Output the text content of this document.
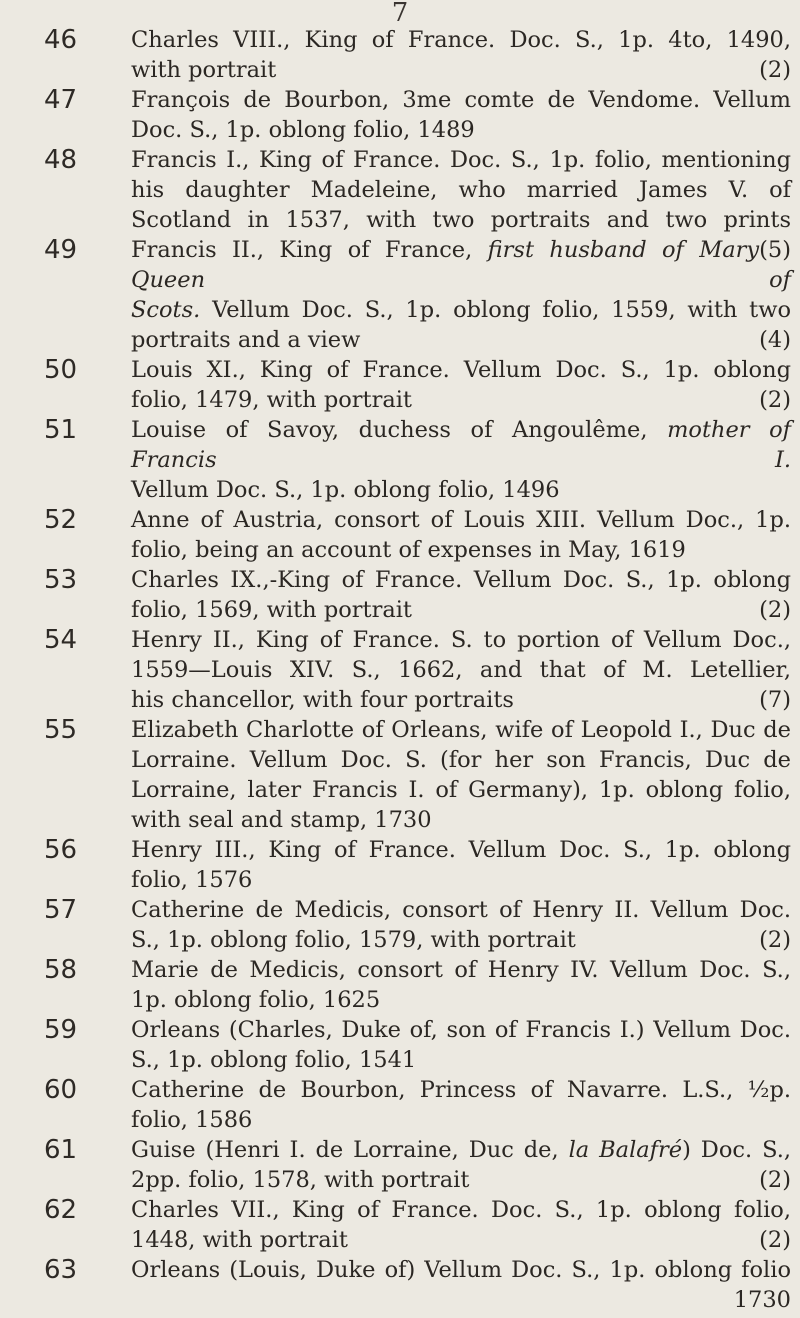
7
46	Charles VIII., King of France. Doc. S., 1p. 4to, 1490,
with portrait	(2)
47	François de Bourbon, 3me comte de Vendome. Vellum
Doc. S., 1p. oblong folio, 1489
48	Francis I., King of France. Doc. S., 1p. folio, mentioning
his daughter Madeleine, who married James V. of
Scotland in 1537, with two portraits and two prints
(5)
49	Francis II., King of France, first husband of Mary Queen of
Scots. Vellum Doc. S., 1p. oblong folio, 1559, with two
portraits and a view	(4)
50	Louis XI., King of France. Vellum Doc. S., 1p. oblong
folio, 1479, with portrait	(2)
51	Louise of Savoy, duchess of Angoulême, mother of Francis I.
Vellum Doc. S., 1p. oblong folio, 1496
52	Anne of Austria, consort of Louis XIII. Vellum Doc., 1p.
folio, being an account of expenses in May, 1619
53	Charles IX.,-King of France. Vellum Doc. S., 1p. oblong
folio, 1569, with portrait	(2)
54	Henry II., King of France. S. to portion of Vellum Doc.,
1559—Louis XIV. S., 1662, and that of M. Letellier,
his chancellor, with four portraits	(7)
55	Elizabeth Charlotte of Orleans, wife of Leopold I., Duc de
Lorraine. Vellum Doc. S. (for her son Francis, Duc de
Lorraine, later Francis I. of Germany), 1p. oblong folio,
with seal and stamp, 1730
56	Henry III., King of France. Vellum Doc. S., 1p. oblong
folio, 1576
57	Catherine de Medicis, consort of Henry II. Vellum Doc.
S., 1p. oblong folio, 1579, with portrait	(2)
58	Marie de Medicis, consort of Henry IV. Vellum Doc. S.,
1p. oblong folio, 1625
59	Orleans (Charles, Duke of, son of Francis I.) Vellum Doc.
S., 1p. oblong folio, 1541
60	Catherine de Bourbon, Princess of Navarre. L.S., ½p.
folio, 1586
61	Guise (Henri I. de Lorraine, Duc de, la Balafré) Doc. S.,
2pp. folio, 1578, with portrait	(2)
62	Charles VII., King of France. Doc. S., 1p. oblong folio,
1448, with portrait	(2)
63	Orleans (Louis, Duke of) Vellum Doc. S., 1p. oblong folio
1730
